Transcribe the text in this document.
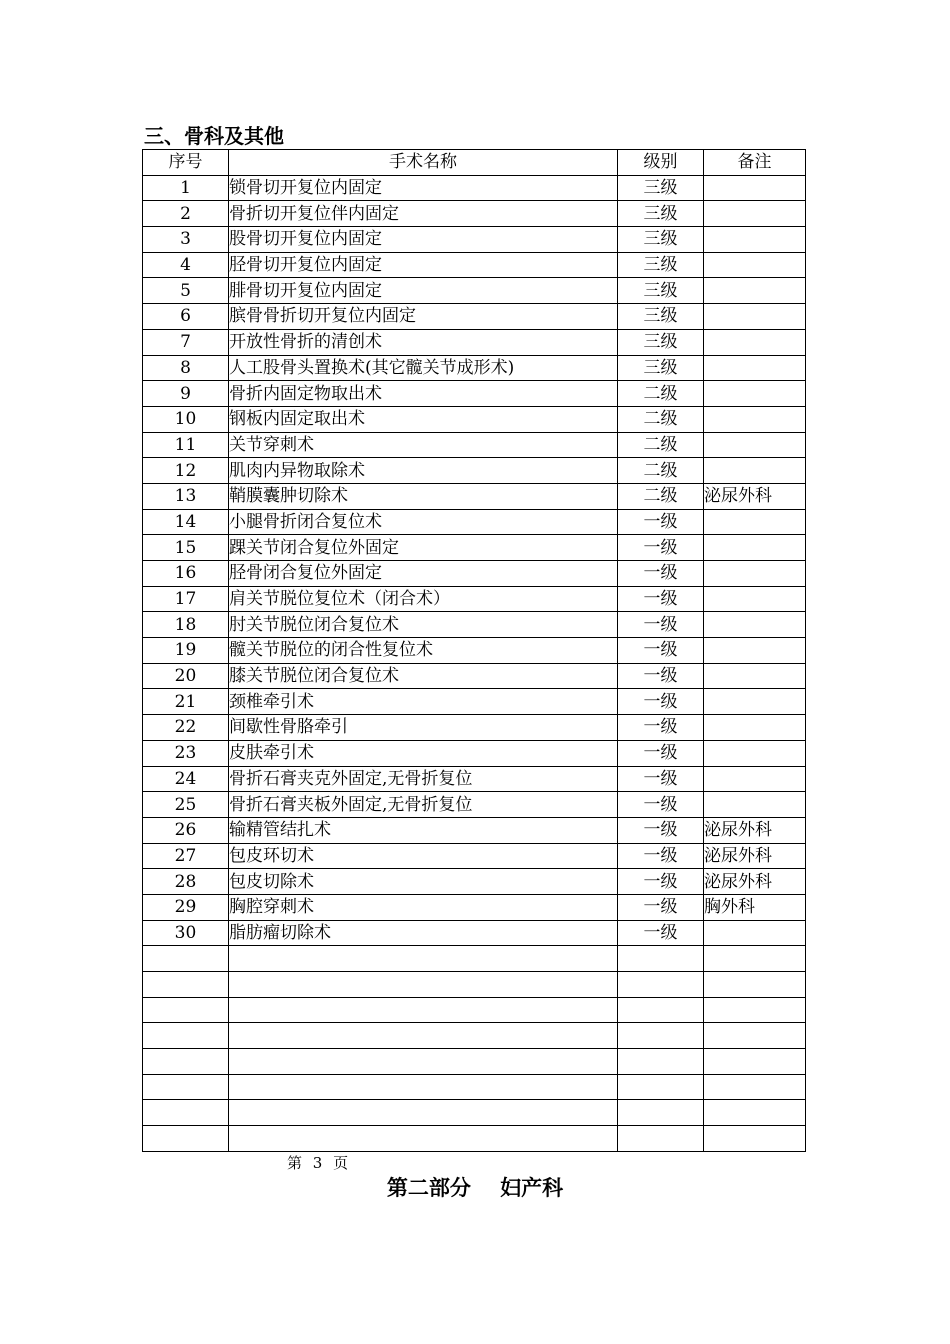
三、骨科及其他
序号	手术名称	级别	备注
1	锁骨切开复位内固定	三级	
2	骨折切开复位伴内固定	三级	
3	股骨切开复位内固定	三级	
4	胫骨切开复位内固定	三级	
5	腓骨切开复位内固定	三级	
6	膑骨骨折切开复位内固定	三级	
7	开放性骨折的清创术	三级	
8	人工股骨头置换术(其它髋关节成形术)	三级	
9	骨折内固定物取出术	二级	
10	钢板内固定取出术	二级	
11	关节穿刺术	二级	
12	肌肉内异物取除术	二级	
13	鞘膜囊肿切除术	二级	泌尿外科
14	小腿骨折闭合复位术	一级	
15	踝关节闭合复位外固定	一级	
16	胫骨闭合复位外固定	一级	
17	肩关节脱位复位术（闭合术）	一级	
18	肘关节脱位闭合复位术	一级	
19	髋关节脱位的闭合性复位术	一级	
20	膝关节脱位闭合复位术	一级	
21	颈椎牵引术	一级	
22	间歇性骨胳牵引	一级	
23	皮肤牵引术	一级	
24	骨折石膏夹克外固定,无骨折复位	一级	
25	骨折石膏夹板外固定,无骨折复位	一级	
26	输精管结扎术	一级	泌尿外科
27	包皮环切术	一级	泌尿外科
28	包皮切除术	一级	泌尿外科
29	胸腔穿刺术	一级	胸外科
30	脂肪瘤切除术	一级	

第 3 页
第二部分    妇产科
